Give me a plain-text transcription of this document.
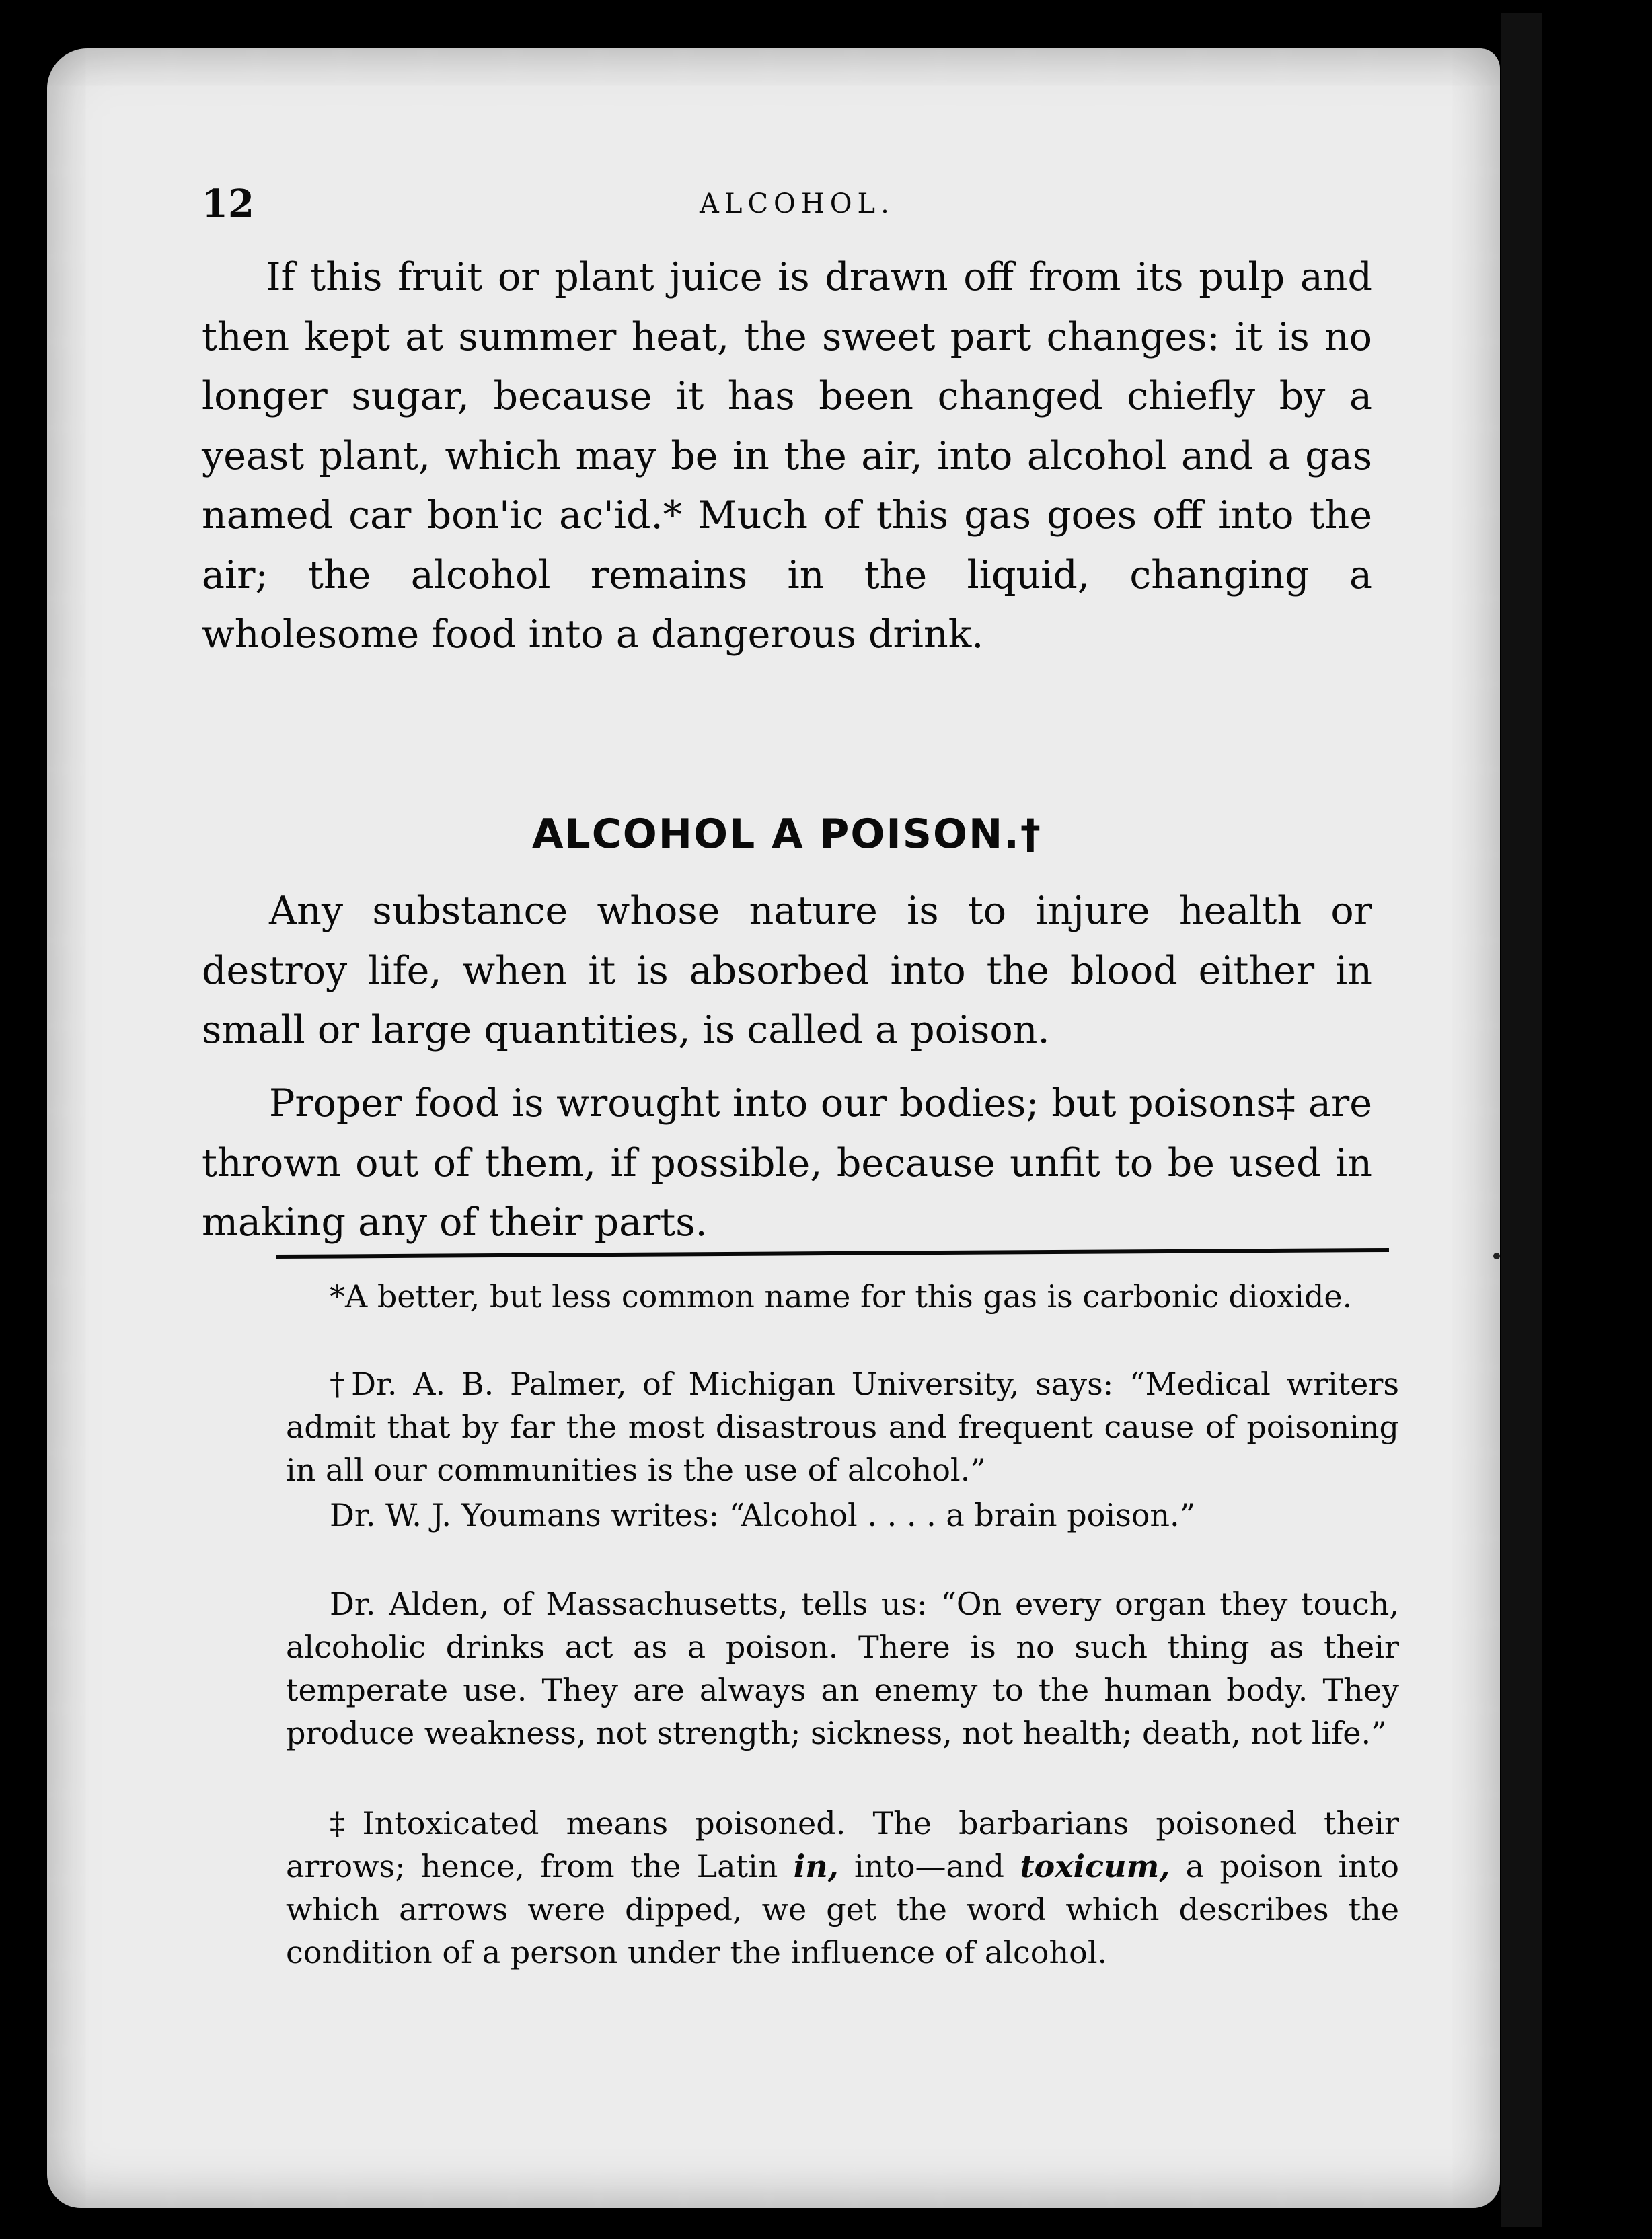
12	ALCOHOL.

If this fruit or plant juice is drawn off from its pulp and then kept at summer heat, the sweet part changes: it is no longer sugar, because it has been changed chiefly by a yeast plant, which may be in the air, into alcohol and a gas named car bon'ic ac'id.* Much of this gas goes off into the air; the alcohol remains in the liquid, changing a wholesome food into a dangerous drink.

ALCOHOL A POISON.†

Any substance whose nature is to injure health or destroy life, when it is absorbed into the blood either in small or large quantities, is called a poison.

Proper food is wrought into our bodies; but poisons‡ are thrown out of them, if possible, because unfit to be used in making any of their parts.

*A better, but less common name for this gas is carbonic dioxide.

†Dr. A. B. Palmer, of Michigan University, says: “Medical writers admit that by far the most disastrous and frequent cause of poisoning in all our communities is the use of alcohol.”

Dr. W. J. Youmans writes: “Alcohol . . . . a brain poison.”

Dr. Alden, of Massachusetts, tells us: “On every organ they touch, alcoholic drinks act as a poison. There is no such thing as their temperate use. They are always an enemy to the human body. They produce weakness, not strength; sickness, not health; death, not life.”

‡Intoxicated means poisoned. The barbarians poisoned their arrows; hence, from the Latin in, into—and toxicum, a poison into which arrows were dipped, we get the word which describes the condition of a person under the influence of alcohol.
